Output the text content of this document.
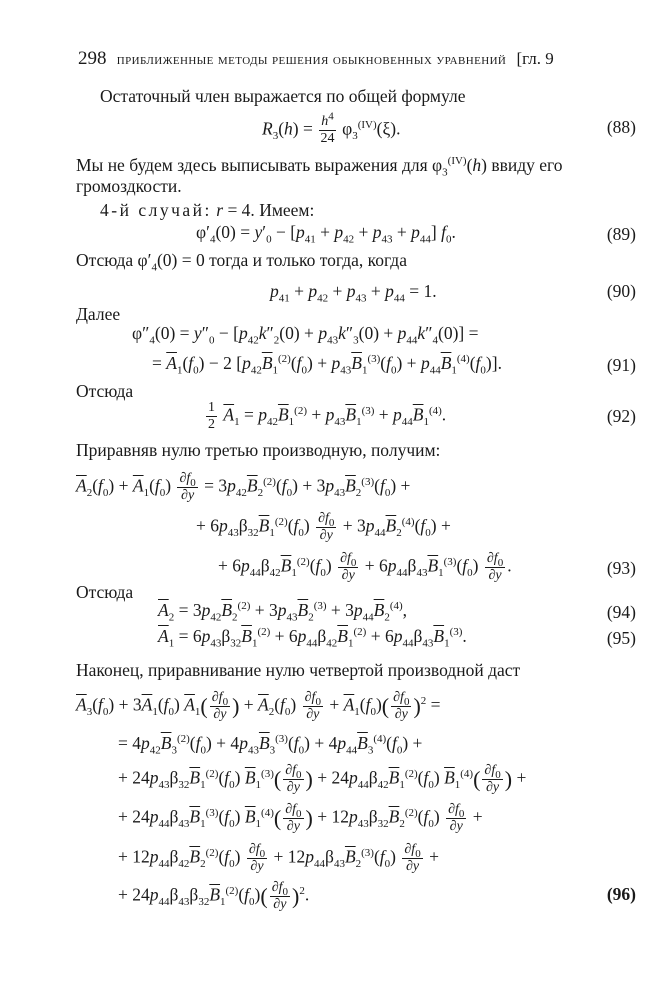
298 приближенные методы решения обыкновенных уравнений [гл. 9
Остаточный член выражается по общей формуле
$R_3(h) = \frac{h^4}{24} \varphi_3^{(IV)}(\xi)$.	(88)
Мы не будем здесь выписывать выражения для $\varphi_3^{(IV)}(h)$ ввиду его
громоздкости.
4-й случай: r = 4. Имеем:
$\varphi'_4(0) = y'_0 - [p_{41} + p_{42} + p_{43} + p_{44}]$ $f_0$.	(89)
Отсюда $\varphi'_4(0) = 0$ тогда и только тогда, когда
$p_{41} + p_{42} + p_{43} + p_{44} = 1$.	(90)
Далее
$\varphi''_4(0) = y''_0 - [p_{42}k''_2(0) + p_{43}k''_3(0) + p_{44}k''_4(0)]$ =
= $\overline{A}_1(f_0) - 2$ $[p_{42}\overline{B}_1^{(2)}(f_0) + p_{43}\overline{B}_1^{(3)}(f_0) + p_{44}\overline{B}_1^{(4)}(f_0)]$.	(91)
Отсюда
$\frac{1}{2} \overline{A}_1 = p_{42}\overline{B}_1^{(2)} + p_{43}\overline{B}_1^{(3)} + p_{44}\overline{B}_1^{(4)}$.	(92)
Приравняв нулю третью производную, получим:
$\overline{A}_2(f_0) + \overline{A}_1(f_0) \frac{\partial f_0}{\partial y} = 3p_{42}\overline{B}_2^{(2)}(f_0) + 3p_{43}\overline{B}_2^{(3)}(f_0)$ +
+ $6p_{43}\beta_{32}\overline{B}_1^{(2)}(f_0) \frac{\partial f_0}{\partial y} + 3p_{44}\overline{B}_2^{(4)}(f_0)$ +
+ $6p_{44}\beta_{42}\overline{B}_1^{(2)}(f_0) \frac{\partial f_0}{\partial y} + 6p_{44}\beta_{43}\overline{B}_1^{(3)}(f_0) \frac{\partial f_0}{\partial y}$ .	(93)
Отсюда
$\overline{A}_2 = 3p_{42}\overline{B}_2^{(2)} + 3p_{43}\overline{B}_2^{(3)} + 3p_{44}\overline{B}_2^{(4)}$,	(94)
$\overline{A}_1 = 6p_{43}\beta_{32}\overline{B}_1^{(2)} + 6p_{44}\beta_{42}\overline{B}_1^{(2)} + 6p_{44}\beta_{43}\overline{B}_1^{(3)}$.	(95)
Наконец, приравнивание нулю четвертой производной даст
$\overline{A}_3(f_0) + 3\overline{A}_1(f_0)$ $\overline{A}_1( \frac{\partial f_0}{\partial y}$ ) + $\overline{A}_2(f_0) \frac{\partial f_0}{\partial y} + \overline{A}_1(f_0)( \frac{\partial f_0}{\partial y} )^2$ =
= $4p_{42}\overline{B}_3^{(2)}(f_0) + 4p_{43}\overline{B}_3^{(3)}(f_0) + 4p_{44}\overline{B}_3^{(4)}(f_0)$ +
+ $24p_{43}\beta_{32}\overline{B}_1^{(2)}(f_0)$ $\overline{B}_1^{(3)}( \frac{\partial f_0}{\partial y}$ ) + $24p_{44}\beta_{42}\overline{B}_1^{(2)}(f_0)$ $\overline{B}_1^{(4)}( \frac{\partial f_0}{\partial y}$ ) +
+ $24p_{44}\beta_{43}\overline{B}_1^{(3)}(f_0)$ $\overline{B}_1^{(4)}( \frac{\partial f_0}{\partial y}$ ) + $12p_{43}\beta_{32}\overline{B}_2^{(2)}(f_0) \frac{\partial f_0}{\partial y}$ +
+ $12p_{44}\beta_{42}\overline{B}_2^{(2)}(f_0) \frac{\partial f_0}{\partial y} + 12p_{44}\beta_{43}\overline{B}_2^{(3)}(f_0) \frac{\partial f_0}{\partial y}$ +
+ $24p_{44}\beta_{43}\beta_{32}\overline{B}_1^{(2)}(f_0)( \frac{\partial f_0}{\partial y} )^2$.	(96)
